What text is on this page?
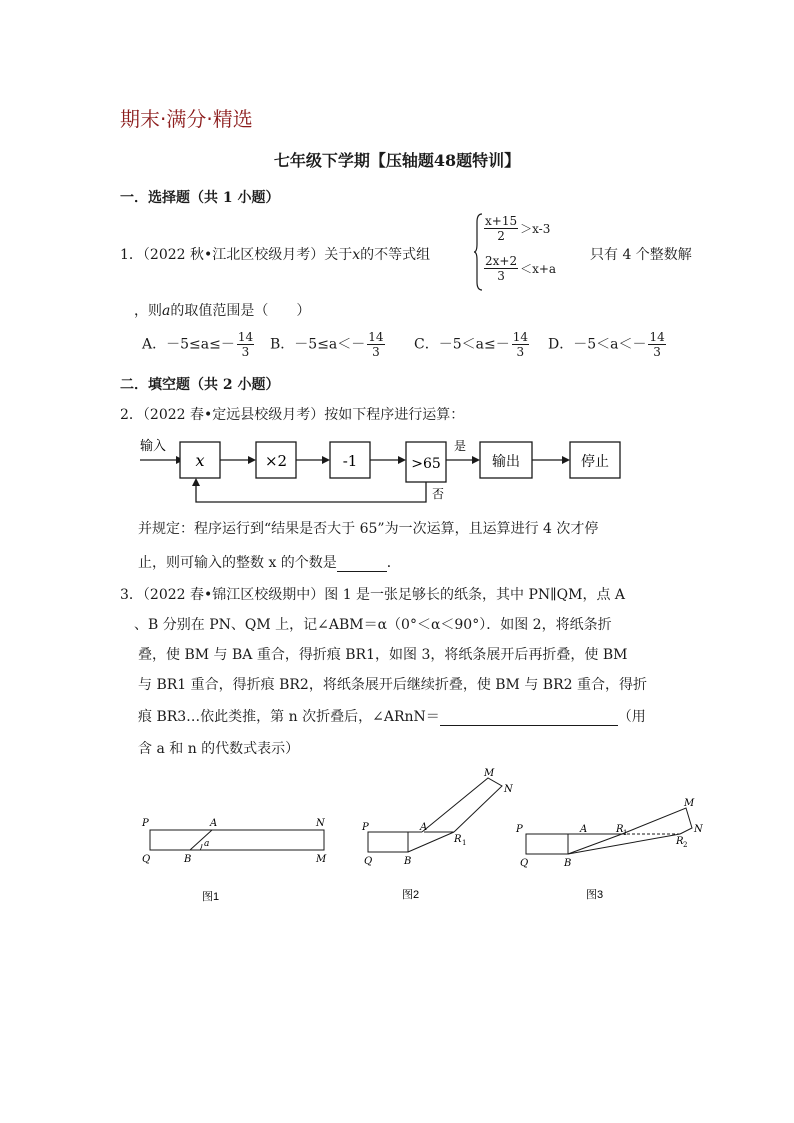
期末·满分·精选
七年级下学期【压轴题48题特训】
一．选择题（共 1 小题）
1．（2022 秋•江北区校级月考）关于x的不等式组
$\frac{x+15}{2} >x-3$
$\frac{2x+2}{3} <x+a$
只有 4 个整数解
，则a的取值范围是（　　）
A．$-5\le a\le- \frac{14}{3}$ B．$-5\le a<- \frac{14}{3}$ C．$-5<a\le- \frac{14}{3}$ D．$-5<a<- \frac{14}{3}$
二．填空题（共 2 小题）
2．（2022 春•定远县校级月考）按如下程序进行运算：
输入
x	×2	-1	>65
是
输出	停止
否
并规定：程序运行到“结果是否大于 65”为一次运算，且运算进行 4 次才停
止，则可输入的整数 x 的个数是	．
3．（2022 春•锦江区校级期中）图 1 是一张足够长的纸条，其中 PN∥QM，点 A
、B 分别在 PN、QM 上，记∠ABM＝α（0°＜α＜90°）．如图 2，将纸条折
叠，使 BM 与 BA 重合，得折痕 BR1，如图 3，将纸条展开后再折叠，使 BM
与 BR1 重合，得折痕 BR2，将纸条展开后继续折叠，使 BM 与 BR2 重合，得折
痕 BR3…依此类推，第 n 次折叠后，∠ARnN＝	（用
含 a 和 n 的代数式表示）
P	A	N
Q	B
a
M
图1
P	A
M
N
R 1
Q	B
图2
P	A	R 1
M
N
R 2
Q	B
图3
